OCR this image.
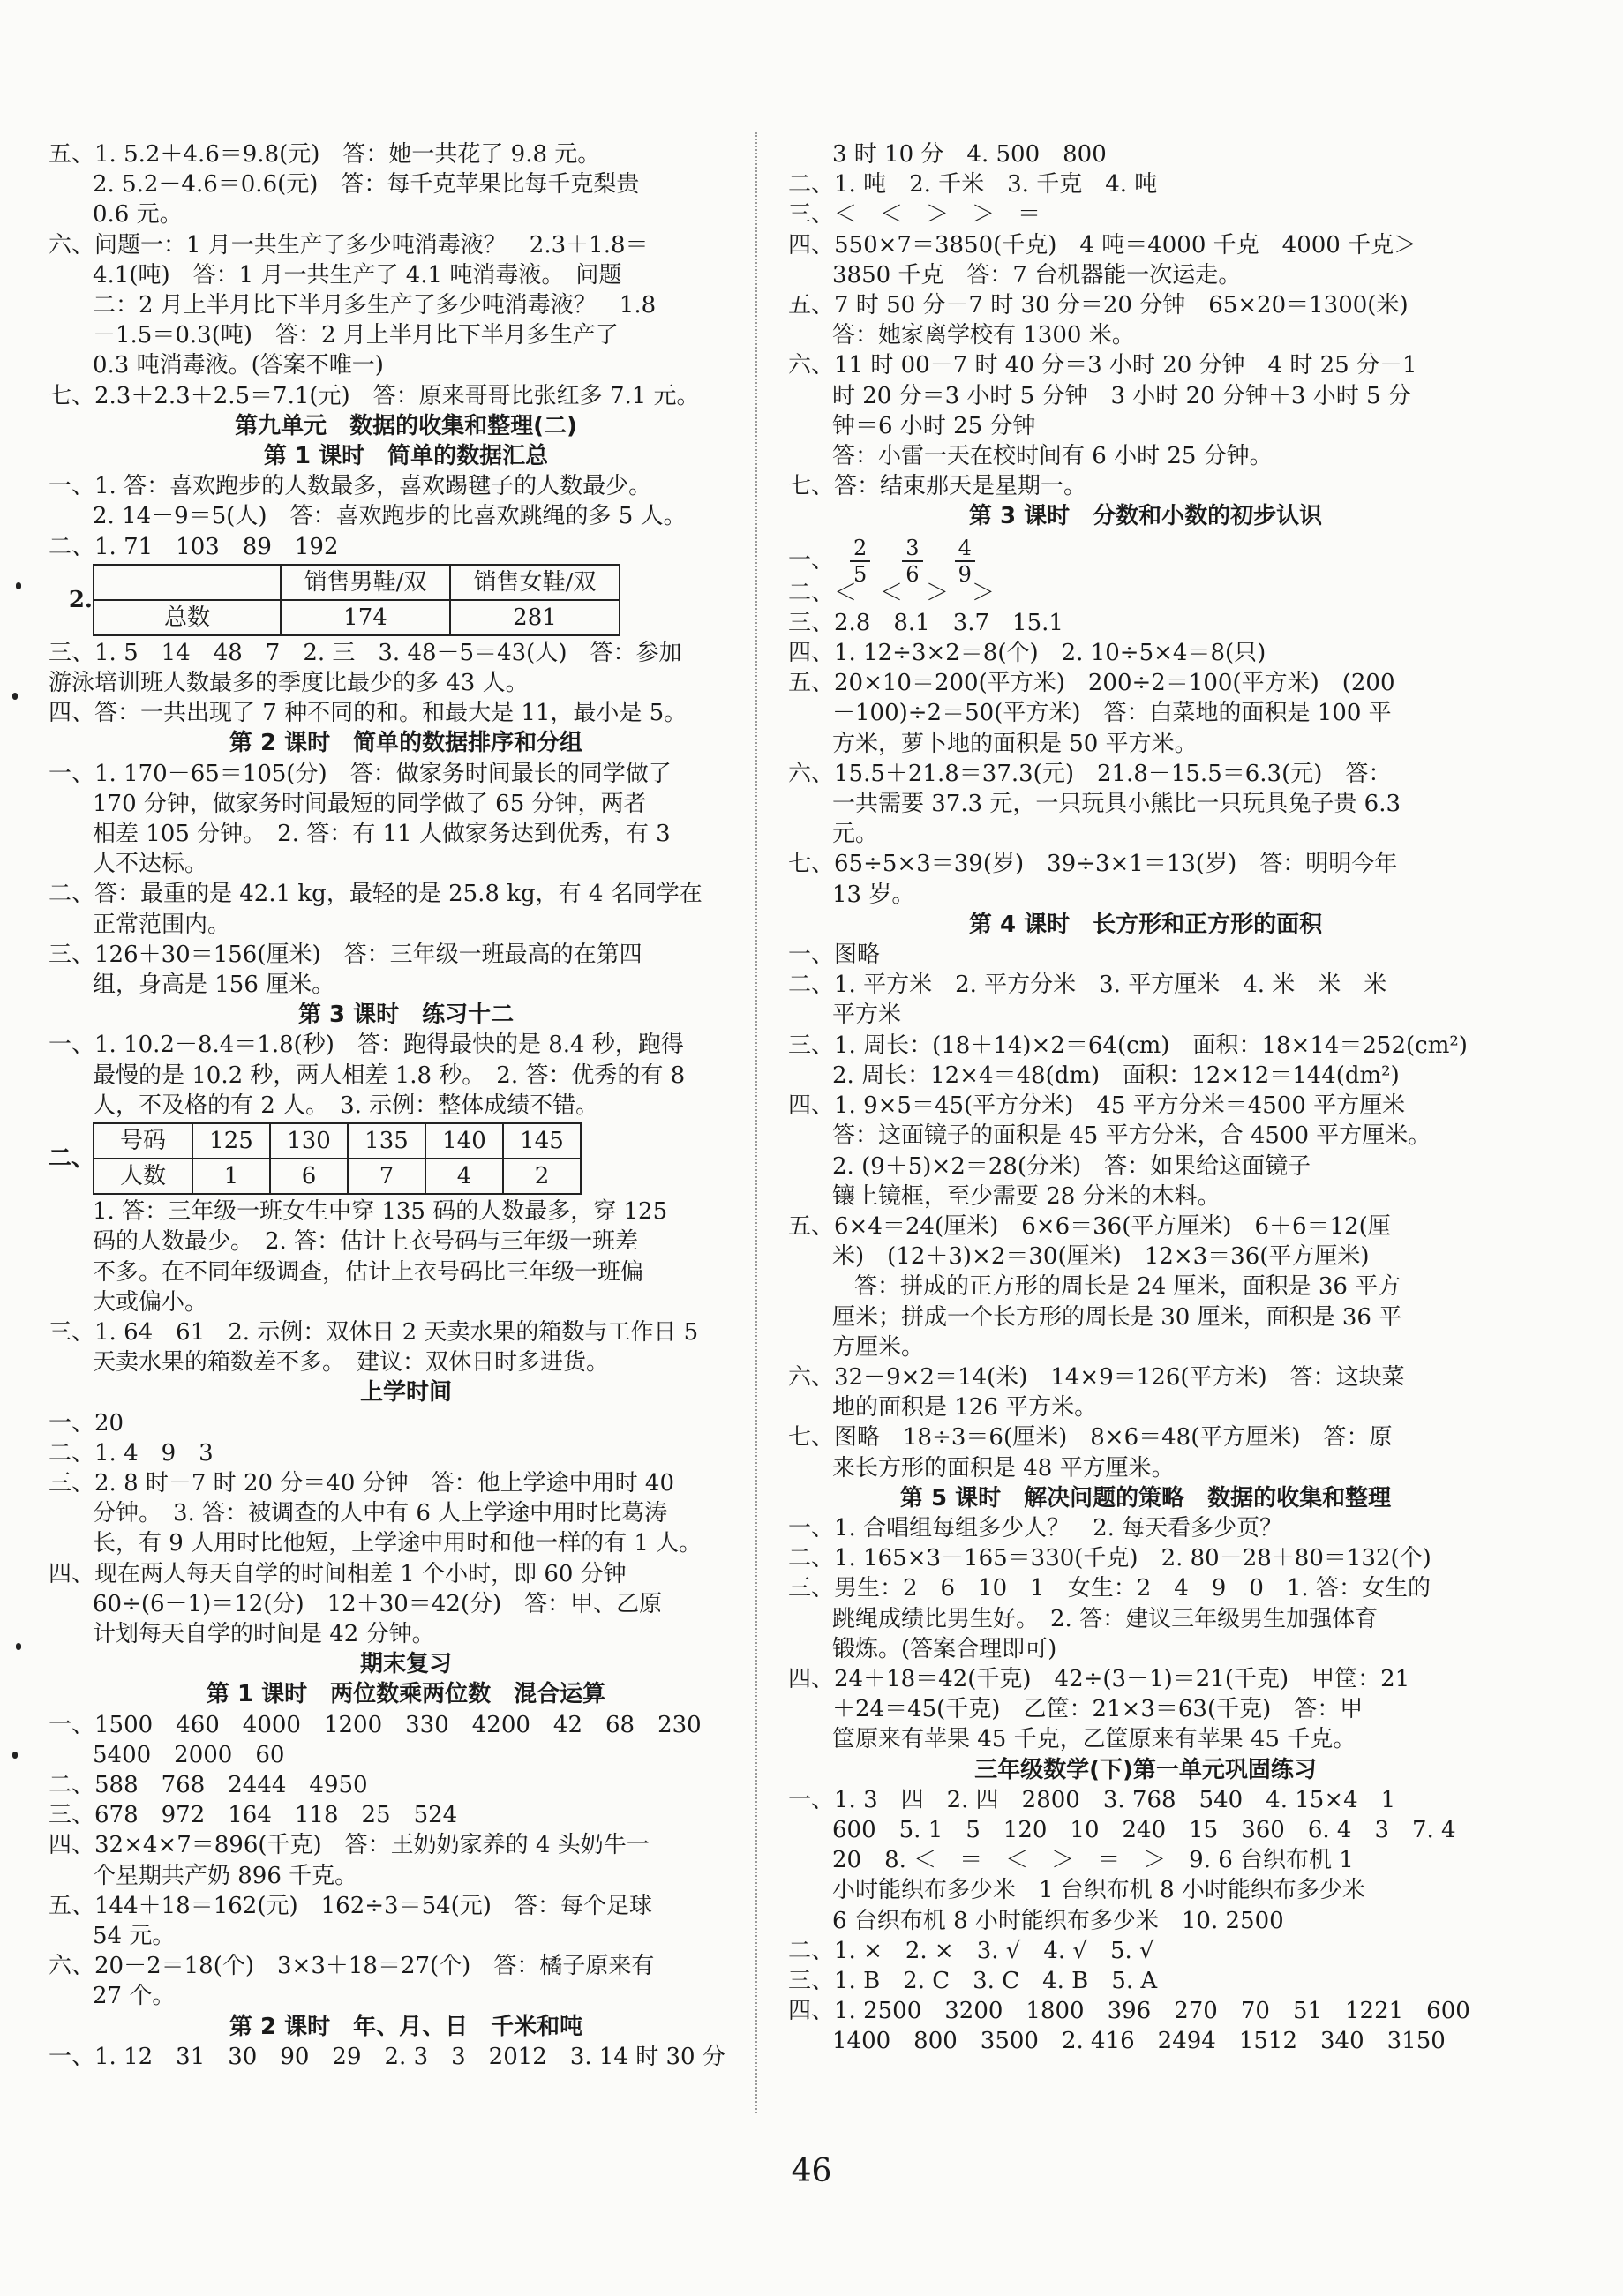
五、1. 5.2＋4.6＝9.8(元)　答：她一共花了 9.8 元。
2. 5.2－4.6＝0.6(元)　答：每千克苹果比每千克梨贵
0.6 元。
六、问题一：1 月一共生产了多少吨消毒液？　2.3＋1.8＝
4.1(吨)　答：1 月一共生产了 4.1 吨消毒液。　问题
二：2 月上半月比下半月多生产了多少吨消毒液？　1.8
－1.5＝0.3(吨)　答：2 月上半月比下半月多生产了
0.3 吨消毒液。(答案不唯一)
七、2.3＋2.3＋2.5＝7.1(元)　答：原来哥哥比张红多 7.1 元。
第九单元　数据的收集和整理(二)
第 1 课时　简单的数据汇总
一、1. 答：喜欢跑步的人数最多，喜欢踢毽子的人数最少。
2. 14－9＝5(人)　答：喜欢跑步的比喜欢跳绳的多 5 人。
二、1. 71　103　89　192
2.
	销售男鞋/双	销售女鞋/双
总数	174	281
三、1. 5　14　48　7　2. 三　3. 48－5＝43(人)　答：参加
游泳培训班人数最多的季度比最少的多 43 人。
四、答：一共出现了 7 种不同的和。和最大是 11，最小是 5。
第 2 课时　简单的数据排序和分组
一、1. 170－65＝105(分)　答：做家务时间最长的同学做了
170 分钟，做家务时间最短的同学做了 65 分钟，两者
相差 105 分钟。　2. 答：有 11 人做家务达到优秀，有 3
人不达标。
二、答：最重的是 42.1 kg，最轻的是 25.8 kg，有 4 名同学在
正常范围内。
三、126＋30＝156(厘米)　答：三年级一班最高的在第四
组，身高是 156 厘米。
第 3 课时　练习十二
一、1. 10.2－8.4＝1.8(秒)　答：跑得最快的是 8.4 秒，跑得
最慢的是 10.2 秒，两人相差 1.8 秒。　2. 答：优秀的有 8
人，不及格的有 2 人。　3. 示例：整体成绩不错。
二、
号码	125	130	135	140	145
人数	1	6	7	4	2
1. 答：三年级一班女生中穿 135 码的人数最多，穿 125
码的人数最少。　2. 答：估计上衣号码与三年级一班差
不多。在不同年级调查，估计上衣号码比三年级一班偏
大或偏小。
三、1. 64　61　2. 示例：双休日 2 天卖水果的箱数与工作日 5
天卖水果的箱数差不多。　建议：双休日时多进货。
上学时间
一、20
二、1. 4　9　3
三、2. 8 时－7 时 20 分＝40 分钟　答：他上学途中用时 40
分钟。　3. 答：被调查的人中有 6 人上学途中用时比葛涛
长，有 9 人用时比他短，上学途中用时和他一样的有 1 人。
四、现在两人每天自学的时间相差 1 个小时，即 60 分钟
60÷(6－1)＝12(分)　12＋30＝42(分)　答：甲、乙原
计划每天自学的时间是 42 分钟。
期末复习
第 1 课时　两位数乘两位数　混合运算
一、1500　460　4000　1200　330　4200　42　68　230
5400　2000　60
二、588　768　2444　4950
三、678　972　164　118　25　524
四、32×4×7＝896(千克)　答：王奶奶家养的 4 头奶牛一
个星期共产奶 896 千克。
五、144＋18＝162(元)　162÷3＝54(元)　答：每个足球
54 元。
六、20－2＝18(个)　3×3＋18＝27(个)　答：橘子原来有
27 个。
第 2 课时　年、月、日　千米和吨
一、1. 12　31　30　90　29　2. 3　3　2012　3. 14 时 30 分
3 时 10 分　4. 500　800
二、1. 吨　2. 千米　3. 千克　4. 吨
三、＜　＜　＞　＞　＝
四、550×7＝3850(千克)　4 吨＝4000 千克　4000 千克＞
3850 千克　答：7 台机器能一次运走。
五、7 时 50 分－7 时 30 分＝20 分钟　65×20＝1300(米)
答：她家离学校有 1300 米。
六、11 时 00－7 时 40 分＝3 小时 20 分钟　4 时 25 分－1
时 20 分＝3 小时 5 分钟　3 小时 20 分钟＋3 小时 5 分
钟＝6 小时 25 分钟
答：小雷一天在校时间有 6 小时 25 分钟。
七、答：结束那天是星期一。
第 3 课时　分数和小数的初步认识
一、 $\frac{2}{5} \frac{3}{6} \frac{4}{9}$
二、＜　＜　＞　＞
三、2.8　8.1　3.7　15.1
四、1. 12÷3×2＝8(个)　2. 10÷5×4＝8(只)
五、20×10＝200(平方米)　200÷2＝100(平方米)　(200
－100)÷2＝50(平方米)　答：白菜地的面积是 100 平
方米，萝卜地的面积是 50 平方米。
六、15.5＋21.8＝37.3(元)　21.8－15.5＝6.3(元)　答：
一共需要 37.3 元，一只玩具小熊比一只玩具兔子贵 6.3
元。
七、65÷5×3＝39(岁)　39÷3×1＝13(岁)　答：明明今年
13 岁。
第 4 课时　长方形和正方形的面积
一、图略
二、1. 平方米　2. 平方分米　3. 平方厘米　4. 米　米　米
平方米
三、1. 周长：(18＋14)×2＝64(cm)　面积：18×14＝252(cm²)
2. 周长：12×4＝48(dm)　面积：12×12＝144(dm²)
四、1. 9×5＝45(平方分米)　45 平方分米＝4500 平方厘米
答：这面镜子的面积是 45 平方分米，合 4500 平方厘米。
2. (9＋5)×2＝28(分米)　答：如果给这面镜子
镶上镜框，至少需要 28 分米的木料。
五、6×4＝24(厘米)　6×6＝36(平方厘米)　6＋6＝12(厘
米)　(12＋3)×2＝30(厘米)　12×3＝36(平方厘米)
答：拼成的正方形的周长是 24 厘米，面积是 36 平方
厘米；拼成一个长方形的周长是 30 厘米，面积是 36 平
方厘米。
六、32－9×2＝14(米)　14×9＝126(平方米)　答：这块菜
地的面积是 126 平方米。
七、图略　18÷3＝6(厘米)　8×6＝48(平方厘米)　答：原
来长方形的面积是 48 平方厘米。
第 5 课时　解决问题的策略　数据的收集和整理
一、1. 合唱组每组多少人？　2. 每天看多少页？
二、1. 165×3－165＝330(千克)　2. 80－28＋80＝132(个)
三、男生：2　6　10　1　女生：2　4　9　0　1. 答：女生的
跳绳成绩比男生好。　2. 答：建议三年级男生加强体育
锻炼。(答案合理即可)
四、24＋18＝42(千克)　42÷(3－1)＝21(千克)　甲筐：21
＋24＝45(千克)　乙筐：21×3＝63(千克)　答：甲
筐原来有苹果 45 千克，乙筐原来有苹果 45 千克。
三年级数学(下)第一单元巩固练习
一、1. 3　四　2. 四　2800　3. 768　540　4. 15×4　1
600　5. 1　5　120　10　240　15　360　6. 4　3　7. 4
20　8. ＜　＝　＜　＞　＝　＞　9. 6 台织布机 1
小时能织布多少米　1 台织布机 8 小时能织布多少米
6 台织布机 8 小时能织布多少米　10. 2500
二、1. ×　2. ×　3. √　4. √　5. √
三、1. B　2. C　3. C　4. B　5. A
四、1. 2500　3200　1800　396　270　70　51　1221　600
1400　800　3500　2. 416　2494　1512　340　3150
46
